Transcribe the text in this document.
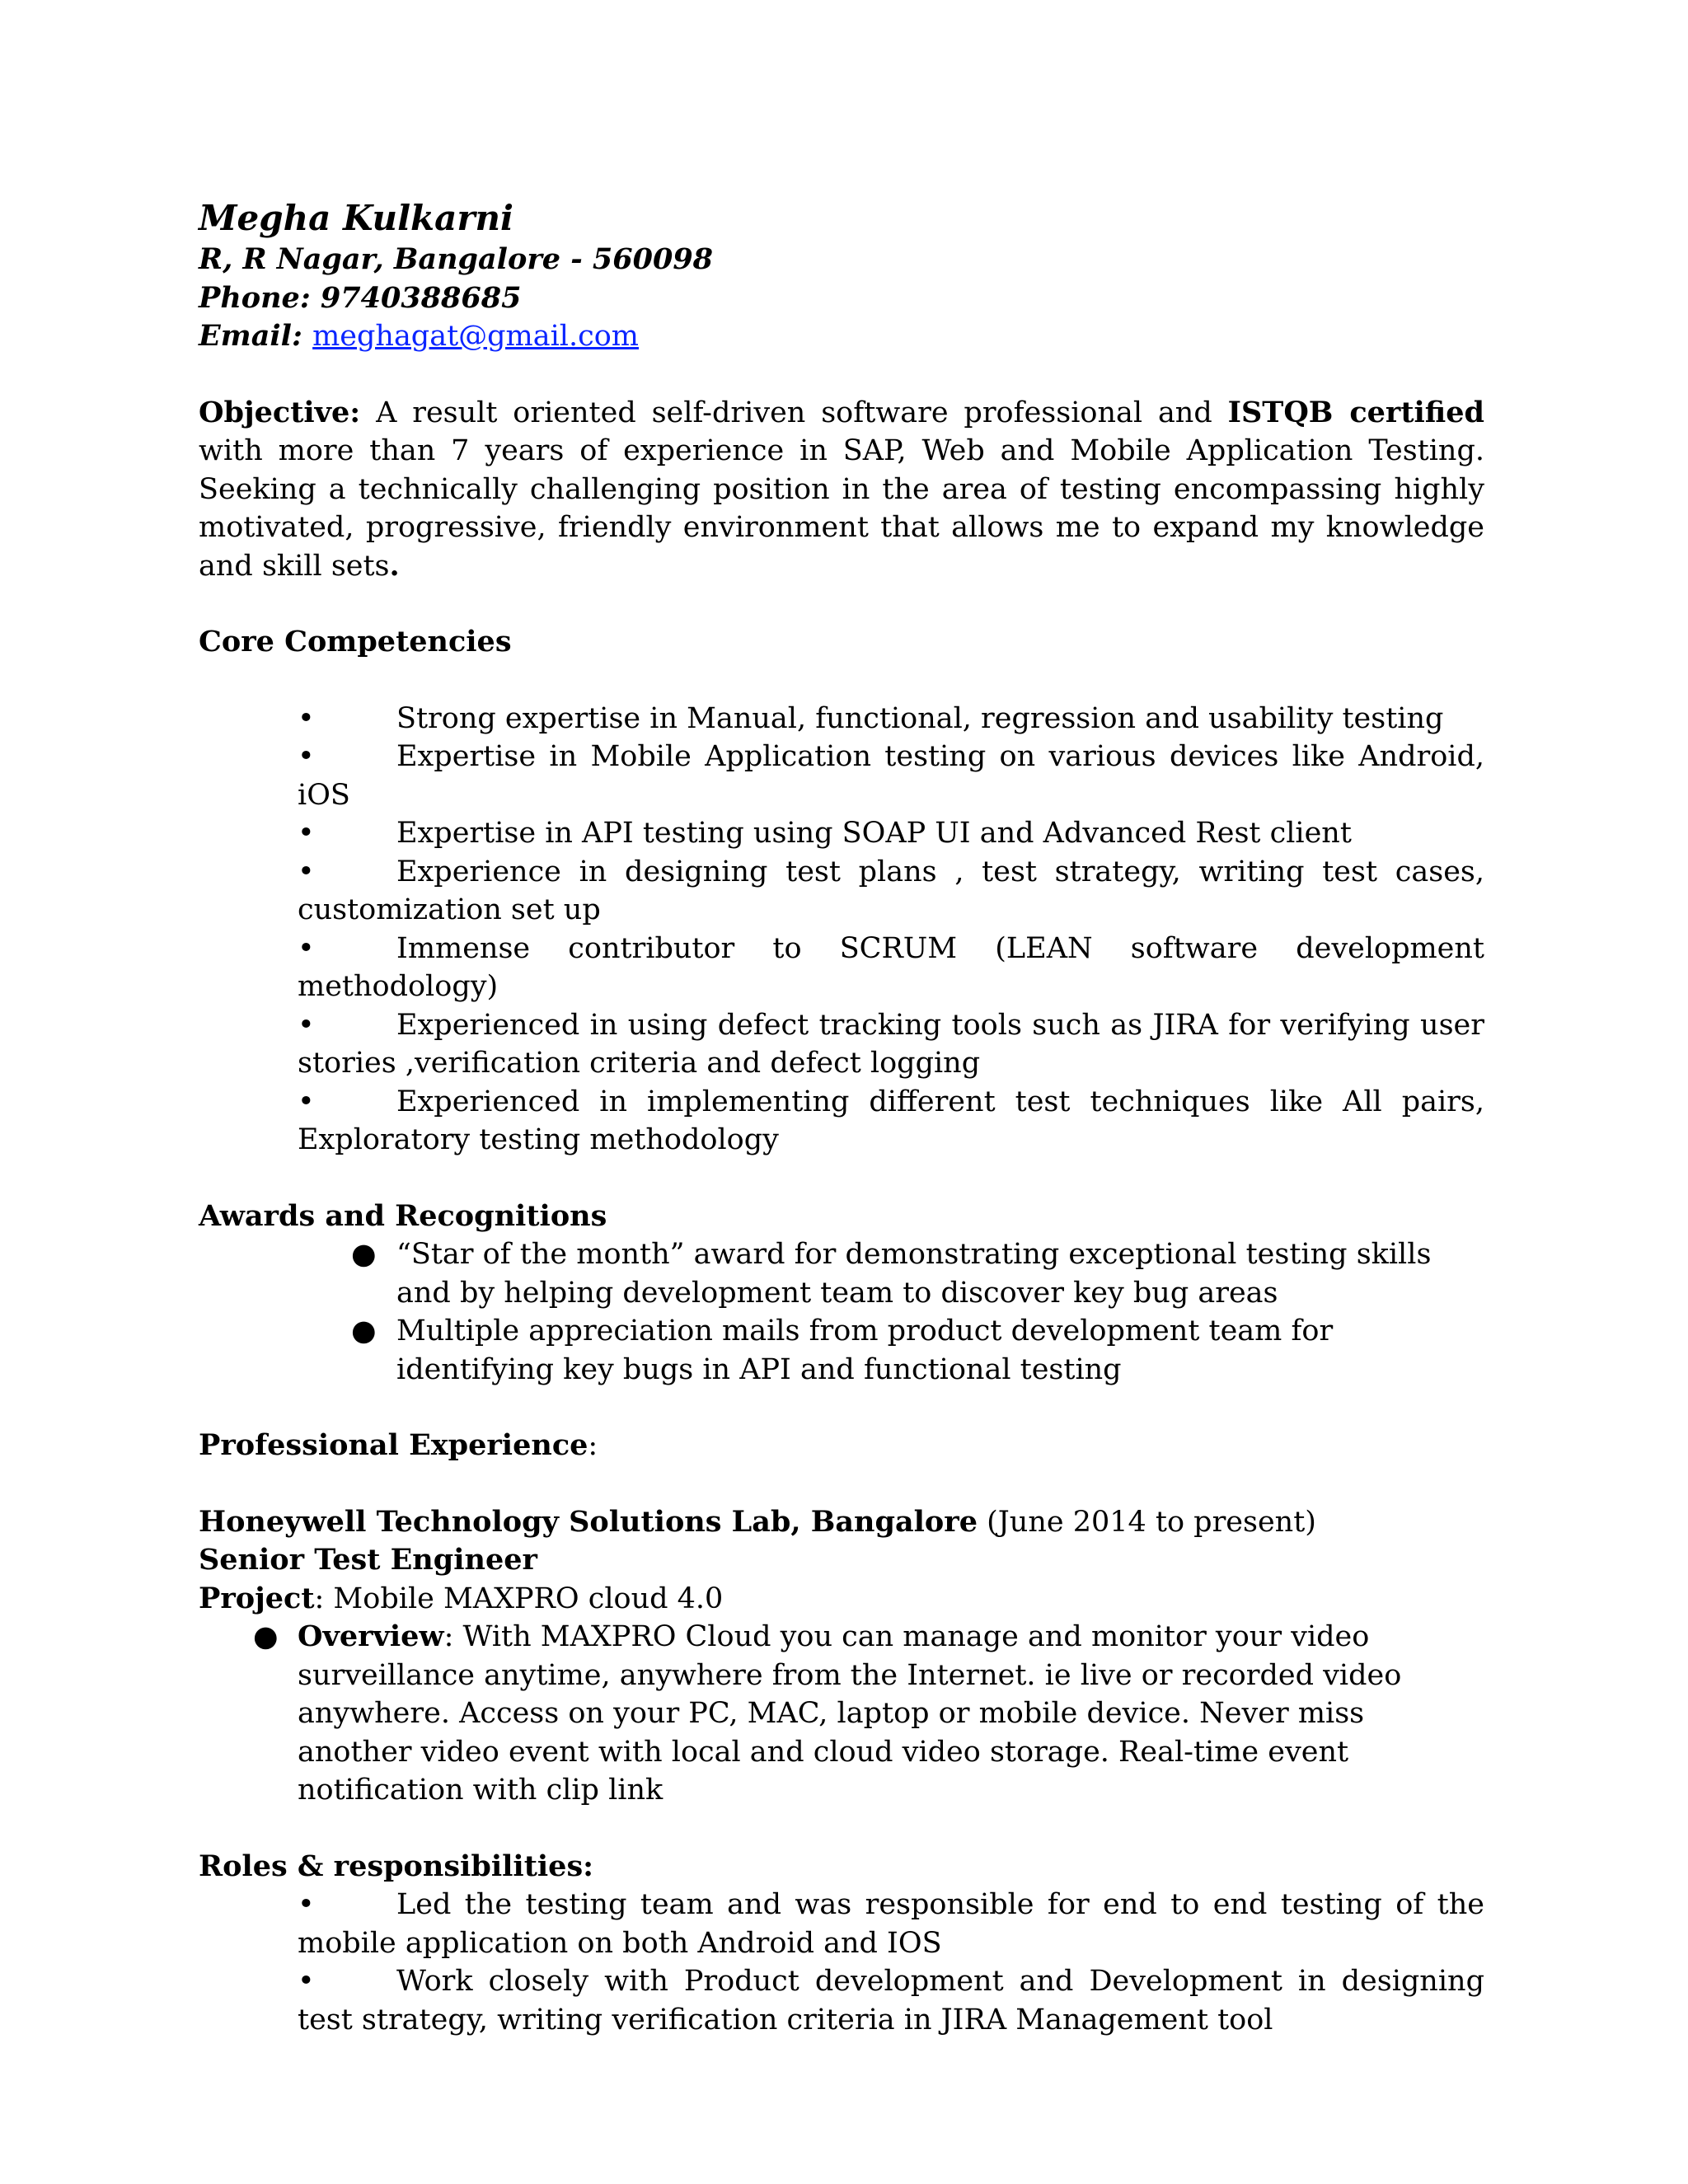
Megha Kulkarni

R, R Nagar, Bangalore - 560098

Phone: 9740388685

Email: meghagat@gmail.com

Objective: A result oriented self-driven software professional and ISTQB certified with more than 7 years of experience in SAP, Web and Mobile Application Testing. Seeking a technically challenging position in the area of testing encompassing highly motivated, progressive, friendly environment that allows me to expand my knowledge and skill sets.

Core Competencies

•	Strong expertise in Manual, functional, regression and usability testing
•	Expertise in Mobile Application testing on various devices like Android, iOS
•	Expertise in API testing using SOAP UI and Advanced Rest client
•	Experience in designing test plans , test strategy, writing test cases, customization set up
•	Immense contributor to SCRUM (LEAN software development methodology)
•	Experienced in using defect tracking tools such as JIRA for verifying user stories ,verification criteria and defect logging
•	Experienced in implementing different test techniques like All pairs, Exploratory testing methodology

Awards and Recognitions

● “Star of the month” award for demonstrating exceptional testing skills and by helping development team to discover key bug areas
● Multiple appreciation mails from product development team for identifying key bugs in API and functional testing

Professional Experience:

Honeywell Technology Solutions Lab, Bangalore (June 2014 to present)

Senior Test Engineer

Project: Mobile MAXPRO cloud 4.0

● Overview: With MAXPRO Cloud you can manage and monitor your video surveillance anytime, anywhere from the Internet. ie live or recorded video anywhere. Access on your PC, MAC, laptop or mobile device. Never miss another video event with local and cloud video storage. Real-time event notification with clip link

Roles & responsibilities:

•	Led the testing team and was responsible for end to end testing of the mobile application on both Android and IOS
•	Work closely with Product development and Development in designing test strategy, writing verification criteria in JIRA Management tool
